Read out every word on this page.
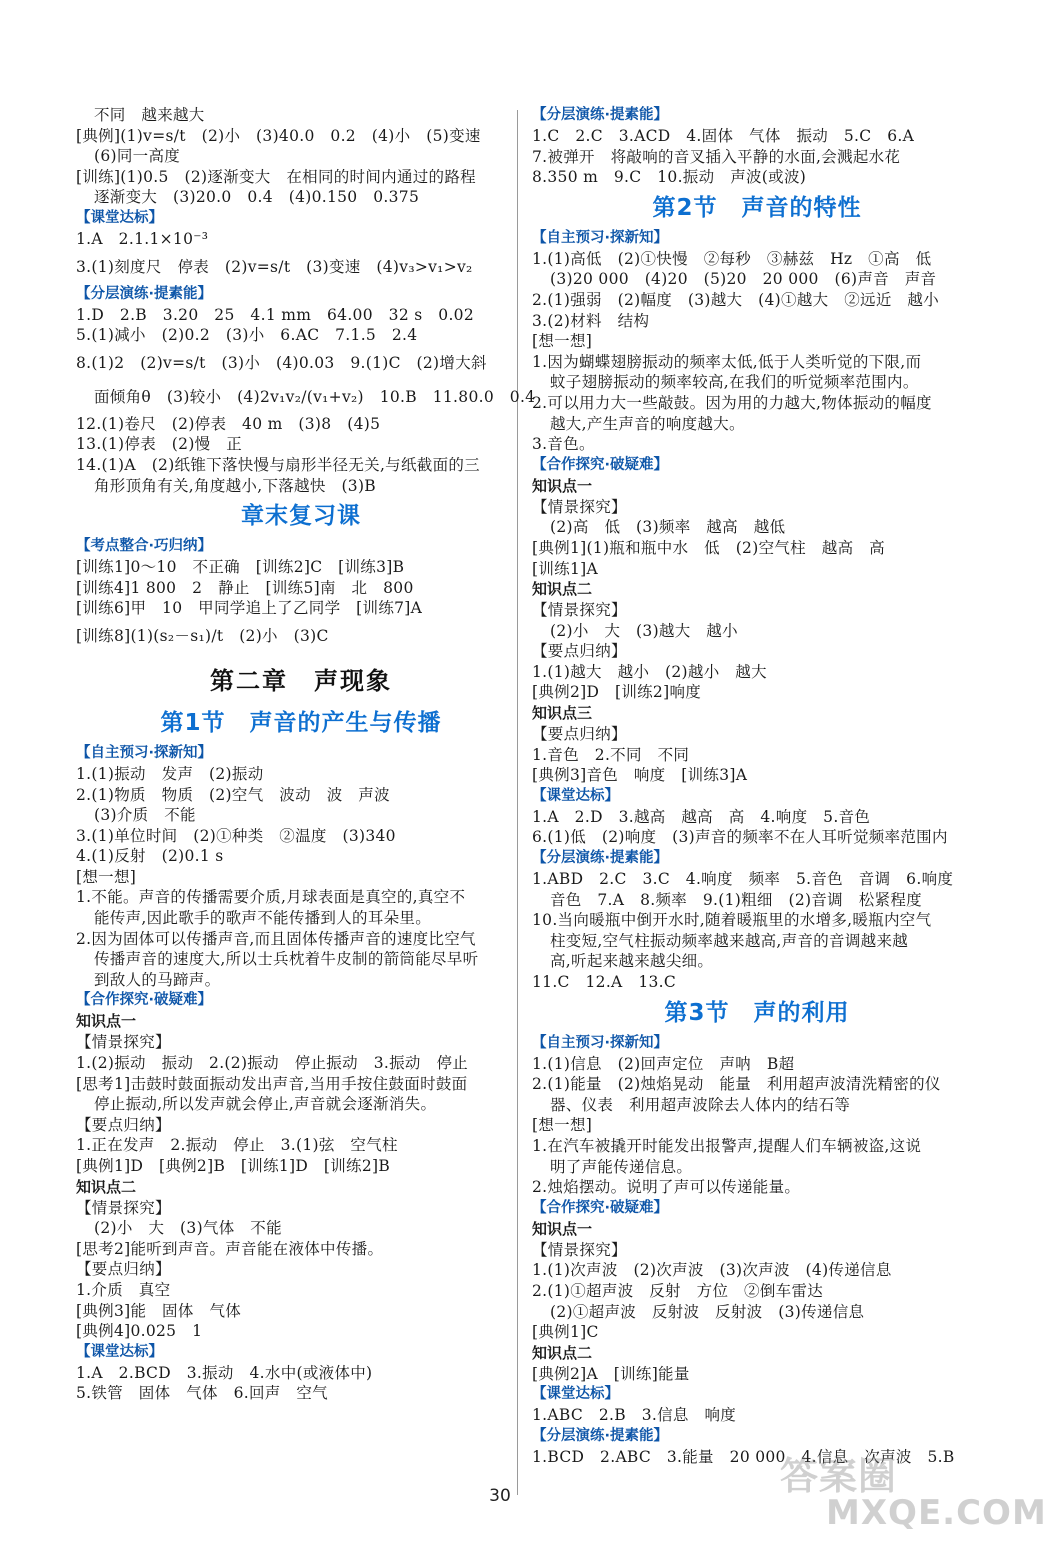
不同　越来越大
[典例](1)v=s/t　(2)小　(3)40.0　0.2　(4)小　(5)变速
(6)同一高度
[训练](1)0.5　(2)逐渐变大　在相同的时间内通过的路程
逐渐变大　(3)20.0　0.4　(4)0.150　0.375
【课堂达标】
1.A　2.1.1×10⁻³
3.(1)刻度尺　停表　(2)v=s/t　(3)变速　(4)v₃>v₁>v₂
【分层演练·提素能】
1.D　2.B　3.20　25　4.1 mm　64.00　32 s　0.02
5.(1)减小　(2)0.2　(3)小　6.AC　7.1.5　2.4
8.(1)2　(2)v=s/t　(3)小　(4)0.03　9.(1)C　(2)增大斜
面倾角θ　(3)较小　(4)2v₁v₂/(v₁+v₂)　10.B　11.80.0　0.4
12.(1)卷尺　(2)停表　40 m　(3)8　(4)5
13.(1)停表　(2)慢　正
14.(1)A　(2)纸锥下落快慢与扇形半径无关,与纸截面的三
角形顶角有关,角度越小,下落越快　(3)B
章末复习课
【考点整合·巧归纳】
[训练1]0～10　不正确　[训练2]C　[训练3]B
[训练4]1 800　2　静止　[训练5]南　北　800
[训练6]甲　10　甲同学追上了乙同学　[训练7]A
[训练8](1)(s₂－s₁)/t　(2)小　(3)C
第二章　声现象
第1节　声音的产生与传播
【自主预习·探新知】
1.(1)振动　发声　(2)振动
2.(1)物质　物质　(2)空气　波动　波　声波
(3)介质　不能
3.(1)单位时间　(2)①种类　②温度　(3)340
4.(1)反射　(2)0.1 s
[想一想]
1.不能。声音的传播需要介质,月球表面是真空的,真空不
能传声,因此歌手的歌声不能传播到人的耳朵里。
2.因为固体可以传播声音,而且固体传播声音的速度比空气
传播声音的速度大,所以士兵枕着牛皮制的箭筒能尽早听
到敌人的马蹄声。
【合作探究·破疑难】
知识点一
【情景探究】
1.(2)振动　振动　2.(2)振动　停止振动　3.振动　停止
[思考1]击鼓时鼓面振动发出声音,当用手按住鼓面时鼓面
停止振动,所以发声就会停止,声音就会逐渐消失。
【要点归纳】
1.正在发声　2.振动　停止　3.(1)弦　空气柱
[典例1]D　[典例2]B　[训练1]D　[训练2]B
知识点二
【情景探究】
(2)小　大　(3)气体　不能
[思考2]能听到声音。声音能在液体中传播。
【要点归纳】
1.介质　真空
[典例3]能　固体　气体
[典例4]0.025　1
【课堂达标】
1.A　2.BCD　3.振动　4.水中(或液体中)
5.铁管　固体　气体　6.回声　空气
【分层演练·提素能】
1.C　2.C　3.ACD　4.固体　气体　振动　5.C　6.A
7.被弹开　将敲响的音叉插入平静的水面,会溅起水花
8.350 m　9.C　10.振动　声波(或波)
第2节　声音的特性
【自主预习·探新知】
1.(1)高低　(2)①快慢　②每秒　③赫兹　Hz　①高　低
(3)20 000　(4)20　(5)20　20 000　(6)声音　声音
2.(1)强弱　(2)幅度　(3)越大　(4)①越大　②远近　越小
3.(2)材料　结构
[想一想]
1.因为蝴蝶翅膀振动的频率太低,低于人类听觉的下限,而
蚊子翅膀振动的频率较高,在我们的听觉频率范围内。
2.可以用力大一些敲鼓。因为用的力越大,物体振动的幅度
越大,产生声音的响度越大。
3.音色。
【合作探究·破疑难】
知识点一
【情景探究】
(2)高　低　(3)频率　越高　越低
[典例1](1)瓶和瓶中水　低　(2)空气柱　越高　高
[训练1]A
知识点二
【情景探究】
(2)小　大　(3)越大　越小
【要点归纳】
1.(1)越大　越小　(2)越小　越大
[典例2]D　[训练2]响度
知识点三
【要点归纳】
1.音色　2.不同　不同
[典例3]音色　响度　[训练3]A
【课堂达标】
1.A　2.D　3.越高　越高　高　4.响度　5.音色
6.(1)低　(2)响度　(3)声音的频率不在人耳听觉频率范围内
【分层演练·提素能】
1.ABD　2.C　3.C　4.响度　频率　5.音色　音调　6.响度
音色　7.A　8.频率　9.(1)粗细　(2)音调　松紧程度
10.当向暖瓶中倒开水时,随着暖瓶里的水增多,暖瓶内空气
柱变短,空气柱振动频率越来越高,声音的音调越来越
高,听起来越来越尖细。
11.C　12.A　13.C
第3节　声的利用
【自主预习·探新知】
1.(1)信息　(2)回声定位　声呐　B超
2.(1)能量　(2)烛焰晃动　能量　利用超声波清洗精密的仪
器、仪表　利用超声波除去人体内的结石等
[想一想]
1.在汽车被撬开时能发出报警声,提醒人们车辆被盗,这说
明了声能传递信息。
2.烛焰摆动。说明了声可以传递能量。
【合作探究·破疑难】
知识点一
【情景探究】
1.(1)次声波　(2)次声波　(3)次声波　(4)传递信息
2.(1)①超声波　反射　方位　②倒车雷达
(2)①超声波　反射波　反射波　(3)传递信息
[典例1]C
知识点二
[典例2]A　[训练]能量
【课堂达标】
1.ABC　2.B　3.信息　响度
【分层演练·提素能】
1.BCD　2.ABC　3.能量　20 000　4.信息　次声波　5.B
30	答案圈
MXQE.COM
